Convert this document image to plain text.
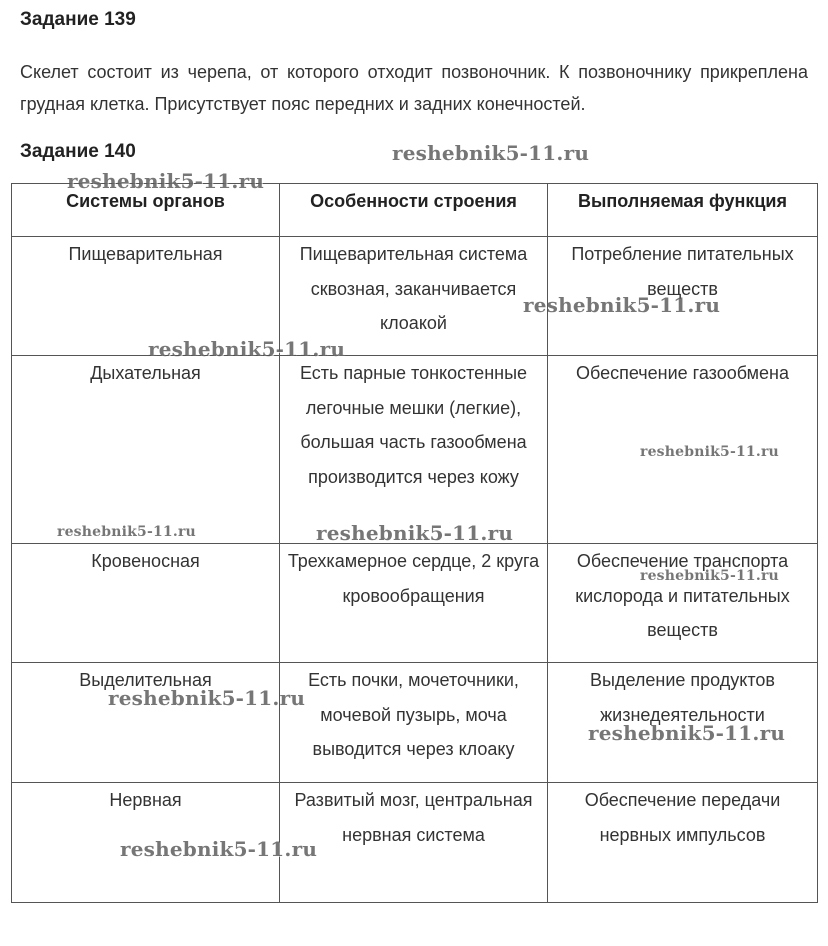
Задание 139

Скелет состоит из черепа, от которого отходит позвоночник. К позвоночнику прикреплена грудная клетка. Присутствует пояс передних и задних конечностей.

Задание 140
Системы органов	Особенности строения	Выполняемая функция
Пищеварительная	Пищеварительная система сквозная, заканчивается клоакой	Потребление питательных веществ
Дыхательная	Есть парные тонкостенные легочные мешки (легкие), большая часть газообмена производится через кожу	Обеспечение газообмена
Кровеносная	Трехкамерное сердце, 2 круга кровообращения	Обеспечение транспорта кислорода и питательных веществ
Выделительная	Есть почки, мочеточники, мочевой пузырь, моча выводится через клоаку	Выделение продуктов жизнедеятельности
Нервная	Развитый мозг, центральная нервная система	Обеспечение передачи нервных импульсов
reshebnik5-11.ru
reshebnik5-11.ru
reshebnik5-11.ru
reshebnik5-11.ru
reshebnik5-11.ru
reshebnik5-11.ru	reshebnik5-11.ru
reshebnik5-11.ru
reshebnik5-11.ru
reshebnik5-11.ru
reshebnik5-11.ru
